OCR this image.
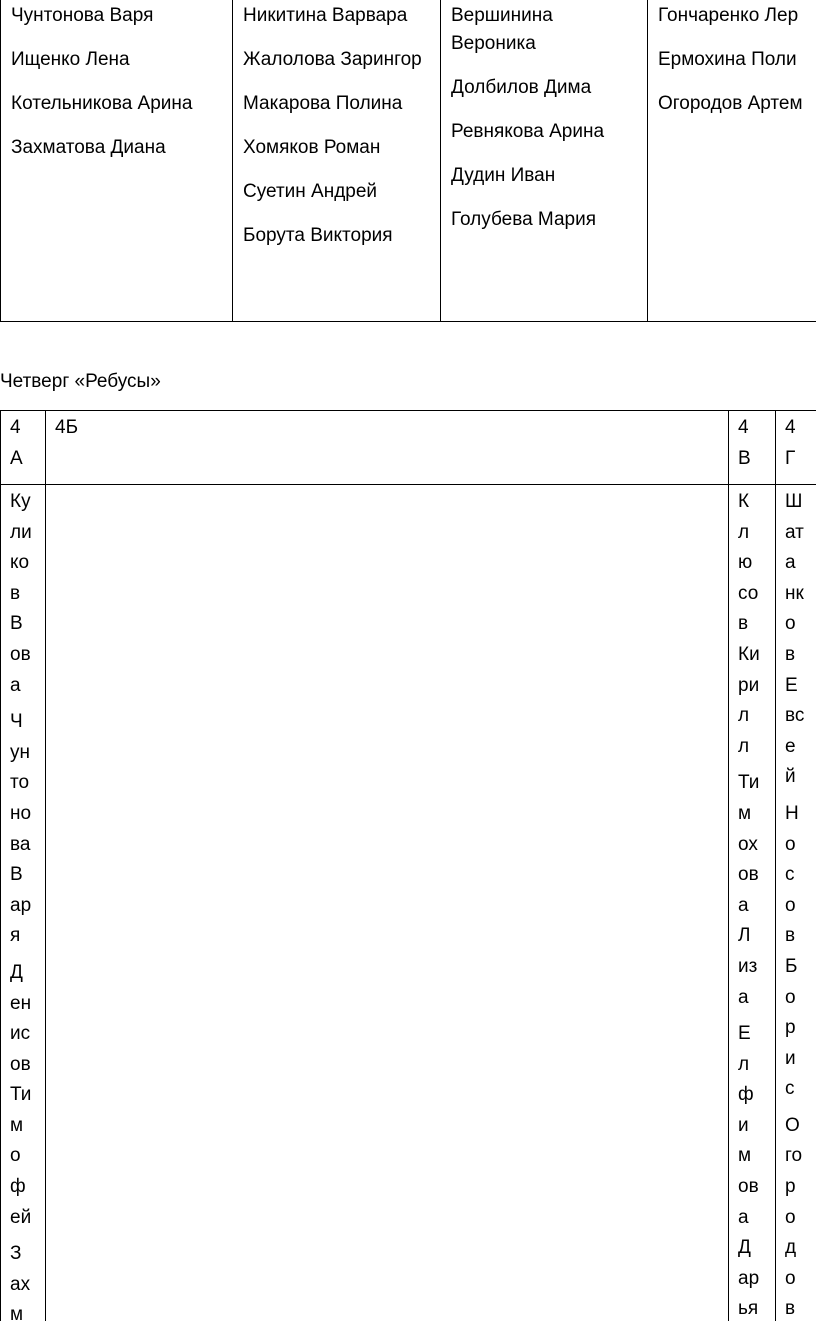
Чунтонова Варя
Ищенко Лена
Котельникова Арина
Захматова Диана
Никитина Варвара
Жалолова Зарингор
Макарова Полина
Хомяков Роман
Суетин Андрей
Борута Виктория
Вершинина Вероника
Долбилов Дима
Ревнякова Арина
Дудин Иван
Голубева Мария
Гончаренко Лер
Ермохина Поли
Огородов Артем
Четверг «Ребусы»
4
А
4Б	4
В
4
Г
Ку
ли
ко
в
В
ов
а
Ч
ун
то
но
ва
В
ар
я
Д
ен
ис
ов
Ти
м
о
ф
ей
З
ах
м
К
л
ю
со
в
Ки
ри
л
л
Ти
м
ох
ов
а
Л
из
а
Е
л
ф
и
м
ов
а
Д
ар
ья
Ш
ат
а
нк
о
в
Е
вс
е
й
Н
о
с
о
в
Б
о
р
и
с
О
го
р
о
д
о
в
